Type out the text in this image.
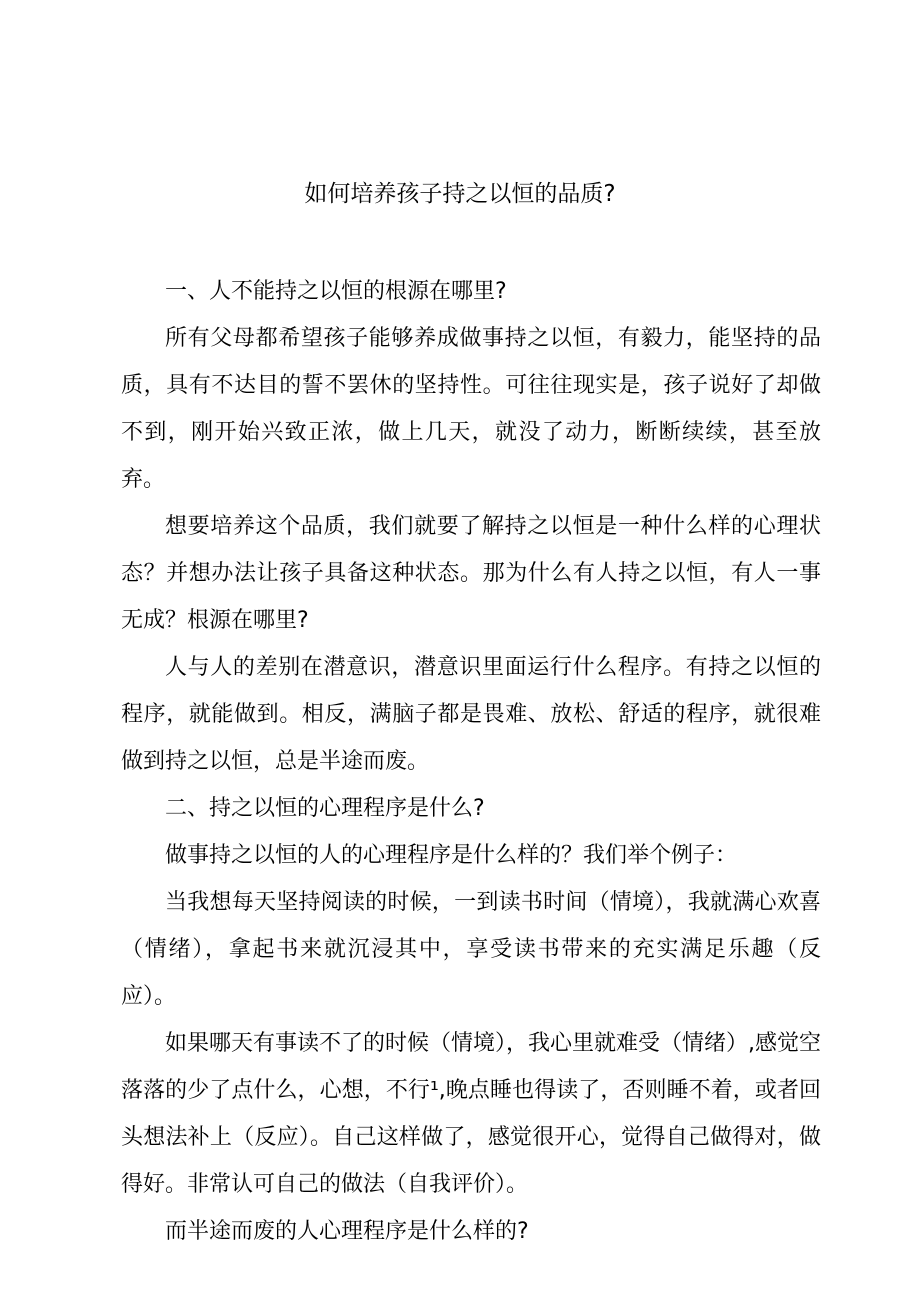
如何培养孩子持之以恒的品质?

一、人不能持之以恒的根源在哪里?

所有父母都希望孩子能够养成做事持之以恒，有毅力，能坚持的品质，具有不达目的誓不罢休的坚持性。可往往现实是，孩子说好了却做不到，刚开始兴致正浓，做上几天，就没了动力，断断续续，甚至放弃。

想要培养这个品质，我们就要了解持之以恒是一种什么样的心理状态？并想办法让孩子具备这种状态。那为什么有人持之以恒，有人一事无成？根源在哪里?

人与人的差别在潜意识，潜意识里面运行什么程序。有持之以恒的程序，就能做到。相反，满脑子都是畏难、放松、舒适的程序，就很难做到持之以恒，总是半途而废。

二、持之以恒的心理程序是什么?

做事持之以恒的人的心理程序是什么样的？我们举个例子：

当我想每天坚持阅读的时候，一到读书时间（情境），我就满心欢喜（情绪），拿起书来就沉浸其中，享受读书带来的充实满足乐趣（反应）。

如果哪天有事读不了的时候（情境），我心里就难受（情绪）,感觉空落落的少了点什么，心想，不行¹,晚点睡也得读了，否则睡不着，或者回头想法补上（反应）。自己这样做了，感觉很开心，觉得自己做得对，做得好。非常认可自己的做法（自我评价）。

而半途而废的人心理程序是什么样的?
